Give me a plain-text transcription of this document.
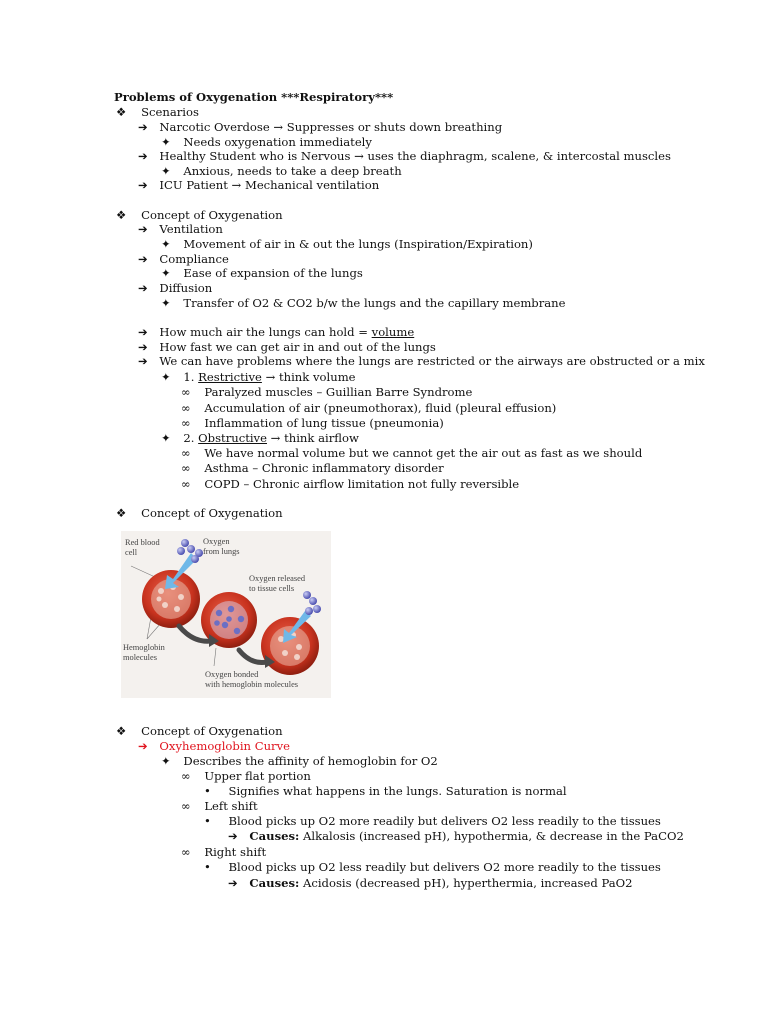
Problems of Oxygenation ***Respiratory***
❖ Scenarios
➔ Narcotic Overdose → Suppresses or shuts down breathing
✦ Needs oxygenation immediately
➔ Healthy Student who is Nervous → uses the diaphragm, scalene, & intercostal muscles
✦ Anxious, needs to take a deep breath
➔ ICU Patient → Mechanical ventilation
❖ Concept of Oxygenation
➔ Ventilation
✦ Movement of air in & out the lungs (Inspiration/Expiration)
➔ Compliance
✦ Ease of expansion of the lungs
➔ Diffusion
✦ Transfer of O2 & CO2 b/w the lungs and the capillary membrane
➔ How much air the lungs can hold = volume
➔ How fast we can get air in and out of the lungs
➔ We can have problems where the lungs are restricted or the airways are obstructed or a mix
✦ 1. Restrictive → think volume
∞ Paralyzed muscles – Guillian Barre Syndrome
∞ Accumulation of air (pneumothorax), fluid (pleural effusion)
∞ Inflammation of lung tissue (pneumonia)
✦ 2. Obstructive → think airflow
∞ We have normal volume but we cannot get the air out as fast as we should
∞ Asthma – Chronic inflammatory disorder
∞ COPD – Chronic airflow limitation not fully reversible
❖ Concept of Oxygenation
Red blood
cell
Oxygen
from lungs
Oxygen released
to tissue cells
Hemoglobin
molecules
Oxygen bonded
with hemoglobin molecules
❖ Concept of Oxygenation
➔ Oxyhemoglobin Curve
✦ Describes the affinity of hemoglobin for O2
∞ Upper flat portion
• Signifies what happens in the lungs. Saturation is normal
∞ Left shift
• Blood picks up O2 more readily but delivers O2 less readily to the tissues
➔ Causes: Alkalosis (increased pH), hypothermia, & decrease in the PaCO2
∞ Right shift
• Blood picks up O2 less readily but delivers O2 more readily to the tissues
➔ Causes: Acidosis (decreased pH), hyperthermia, increased PaO2
